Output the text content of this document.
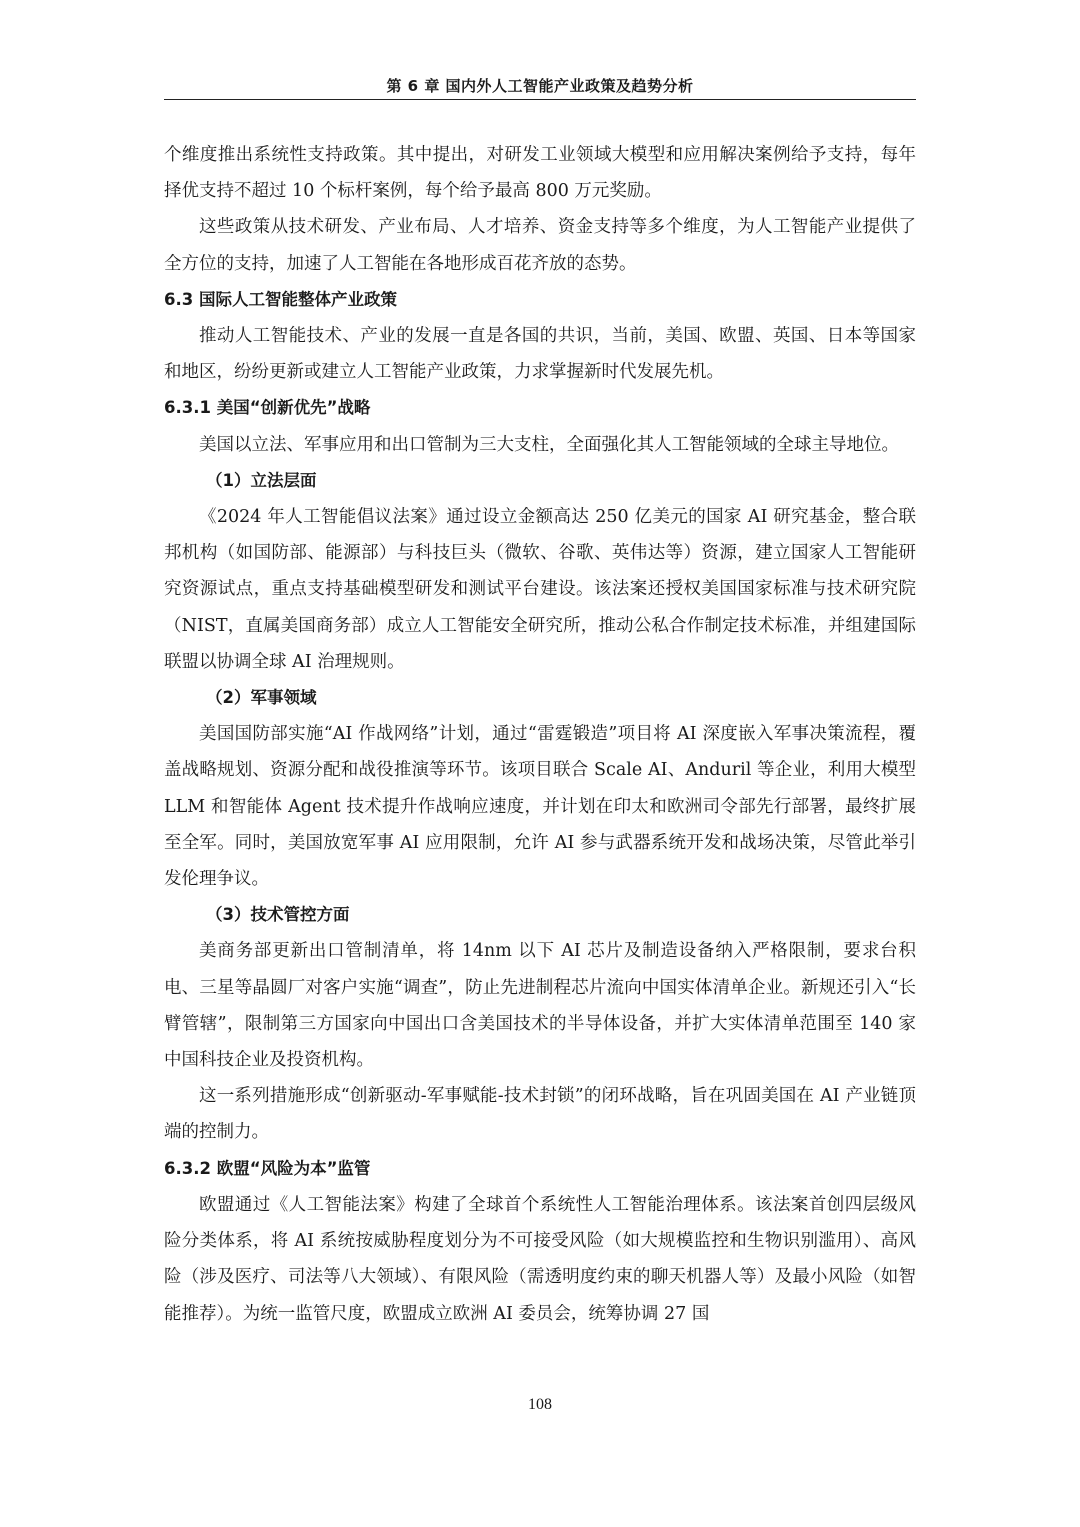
第 6 章 国内外人工智能产业政策及趋势分析

个维度推出系统性支持政策。其中提出，对研发工业领域大模型和应用解决案例给予支持，每年择优支持不超过 10 个标杆案例，每个给予最高 800 万元奖励。

这些政策从技术研发、产业布局、人才培养、资金支持等多个维度，为人工智能产业提供了全方位的支持，加速了人工智能在各地形成百花齐放的态势。

6.3 国际人工智能整体产业政策

推动人工智能技术、产业的发展一直是各国的共识，当前，美国、欧盟、英国、日本等国家和地区，纷纷更新或建立人工智能产业政策，力求掌握新时代发展先机。

6.3.1 美国“创新优先”战略

美国以立法、军事应用和出口管制为三大支柱，全面强化其人工智能领域的全球主导地位。

（1）立法层面

《2024 年人工智能倡议法案》通过设立金额高达 250 亿美元的国家 AI 研究基金，整合联邦机构（如国防部、能源部）与科技巨头（微软、谷歌、英伟达等）资源，建立国家人工智能研究资源试点，重点支持基础模型研发和测试平台建设。该法案还授权美国国家标准与技术研究院（NIST，直属美国商务部）成立人工智能安全研究所，推动公私合作制定技术标准，并组建国际联盟以协调全球 AI 治理规则。

（2）军事领域

美国国防部实施“AI 作战网络”计划，通过“雷霆锻造”项目将 AI 深度嵌入军事决策流程，覆盖战略规划、资源分配和战役推演等环节。该项目联合 Scale AI、Anduril 等企业，利用大模型 LLM 和智能体 Agent 技术提升作战响应速度，并计划在印太和欧洲司令部先行部署，最终扩展至全军。同时，美国放宽军事 AI 应用限制，允许 AI 参与武器系统开发和战场决策，尽管此举引发伦理争议。

（3）技术管控方面

美商务部更新出口管制清单，将 14nm 以下 AI 芯片及制造设备纳入严格限制，要求台积电、三星等晶圆厂对客户实施“调查”，防止先进制程芯片流向中国实体清单企业。新规还引入“长臂管辖”，限制第三方国家向中国出口含美国技术的半导体设备，并扩大实体清单范围至 140 家中国科技企业及投资机构。

这一系列措施形成“创新驱动-军事赋能-技术封锁”的闭环战略，旨在巩固美国在 AI 产业链顶端的控制力。

6.3.2 欧盟“风险为本”监管

欧盟通过《人工智能法案》构建了全球首个系统性人工智能治理体系。该法案首创四层级风险分类体系，将 AI 系统按威胁程度划分为不可接受风险（如大规模监控和生物识别滥用）、高风险（涉及医疗、司法等八大领域）、有限风险（需透明度约束的聊天机器人等）及最小风险（如智能推荐）。为统一监管尺度，欧盟成立欧洲 AI 委员会，统筹协调 27 国

108
